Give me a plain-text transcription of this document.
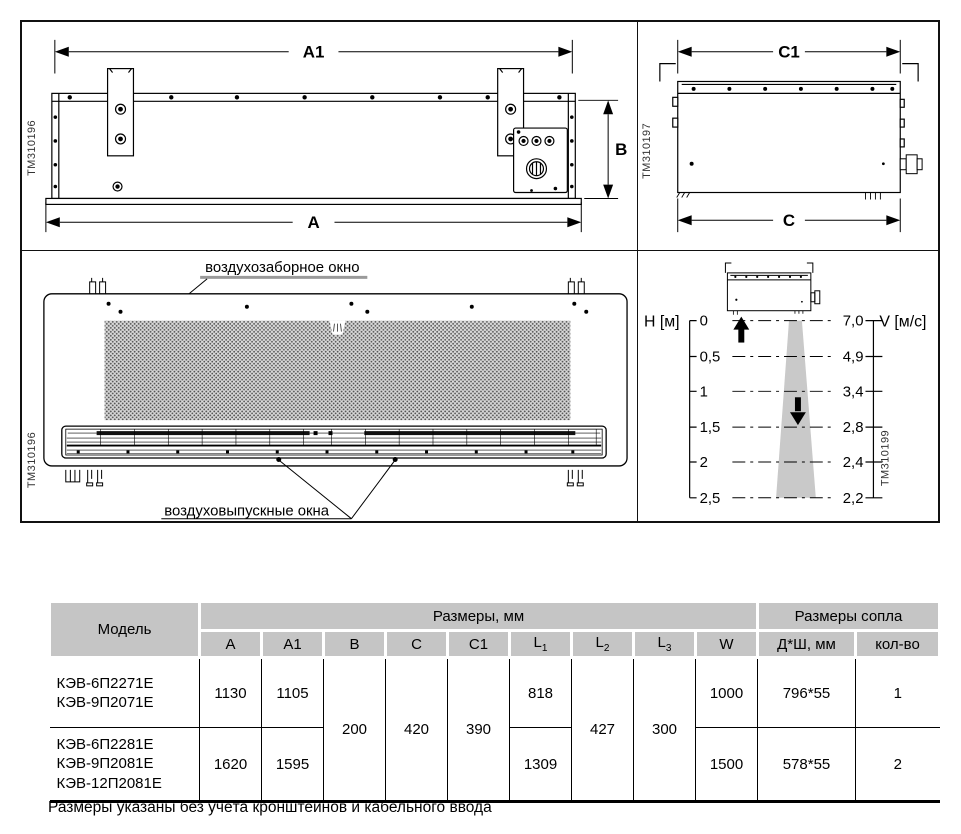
A1
A
B
TM310196
C1
C
TM310197
воздухозаборное окно
воздуховыпускные окна
TM310196
H [м] 0
0,5
1
1,5
2
2,5
V [м/с]
7,0
4,9
3,4
2,8
2,4
2,2
TM310199
Модель	Размеры, мм									Размеры сопла	
	A	A1	B	C	C1	$L_1$	$L_2$	$L_3$	W	Д*Ш, мм	кол-во

КЭВ-6П2271Е
КЭВ-9П2071Е	1130	1105	200	420	390	818	427	300	1000	796*55	1

КЭВ-6П2281Е
КЭВ-9П2081Е
КЭВ-12П2081Е	1620	1595				1309			1500	578*55	2
Размеры указаны без учёта кронштейнов и кабельного ввода
